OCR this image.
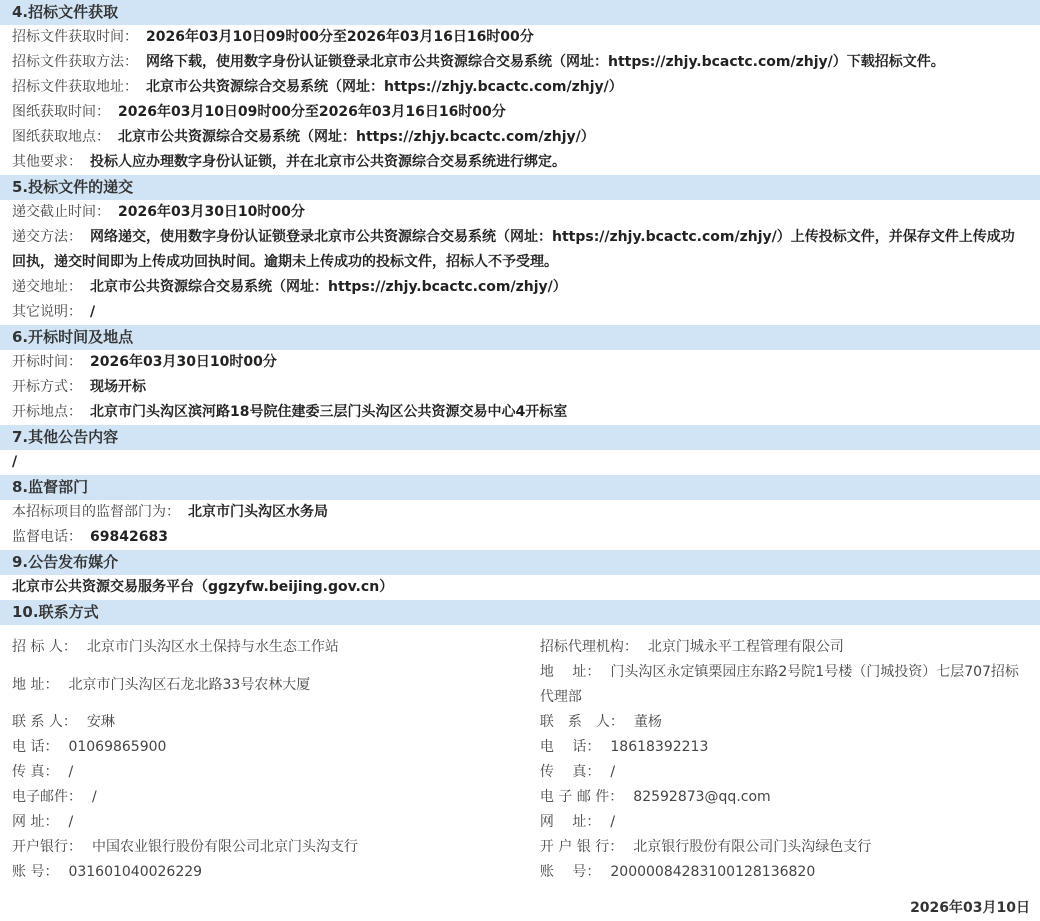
4.招标文件获取
招标文件获取时间： 2026年03月10日09时00分至2026年03月16日16时00分
招标文件获取方法： 网络下载，使用数字身份认证锁登录北京市公共资源综合交易系统（网址：https://zhjy.bcactc.com/zhjy/）下载招标文件。
招标文件获取地址： 北京市公共资源综合交易系统（网址：https://zhjy.bcactc.com/zhjy/）
图纸获取时间： 2026年03月10日09时00分至2026年03月16日16时00分
图纸获取地点： 北京市公共资源综合交易系统（网址：https://zhjy.bcactc.com/zhjy/）
其他要求： 投标人应办理数字身份认证锁，并在北京市公共资源综合交易系统进行绑定。
5.投标文件的递交
递交截止时间： 2026年03月30日10时00分
递交方法： 网络递交，使用数字身份认证锁登录北京市公共资源综合交易系统（网址：https://zhjy.bcactc.com/zhjy/）上传投标文件，并保存文件上传成功回执，递交时间即为上传成功回执时间。逾期未上传成功的投标文件，招标人不予受理。
递交地址： 北京市公共资源综合交易系统（网址：https://zhjy.bcactc.com/zhjy/）
其它说明： /
6.开标时间及地点
开标时间： 2026年03月30日10时00分
开标方式： 现场开标
开标地点： 北京市门头沟区滨河路18号院住建委三层门头沟区公共资源交易中心4开标室
7.其他公告内容
/
8.监督部门
本招标项目的监督部门为： 北京市门头沟区水务局
监督电话： 69842683
9.公告发布媒介
北京市公共资源交易服务平台（ggzyfw.beijing.gov.cn）
10.联系方式
招 标 人： 北京市门头沟区水土保持与水生态工作站
地 址： 北京市门头沟区石龙北路33号农林大厦
联 系 人： 安琳
电 话： 01069865900
传 真： /
电子邮件： /
网 址： /
开户银行： 中国农业银行股份有限公司北京门头沟支行
账 号： 031601040026229
招标代理机构： 北京门城永平工程管理有限公司
地　 址： 门头沟区永定镇栗园庄东路2号院1号楼（门城投资）七层707招标代理部
联　系　人： 董杨
电　 话： 18618392213
传　 真： /
电 子 邮 件： 82592873@qq.com
网　 址： /
开 户 银 行： 北京银行股份有限公司门头沟绿色支行
账　 号： 20000084283100128136820
2026年03月10日
